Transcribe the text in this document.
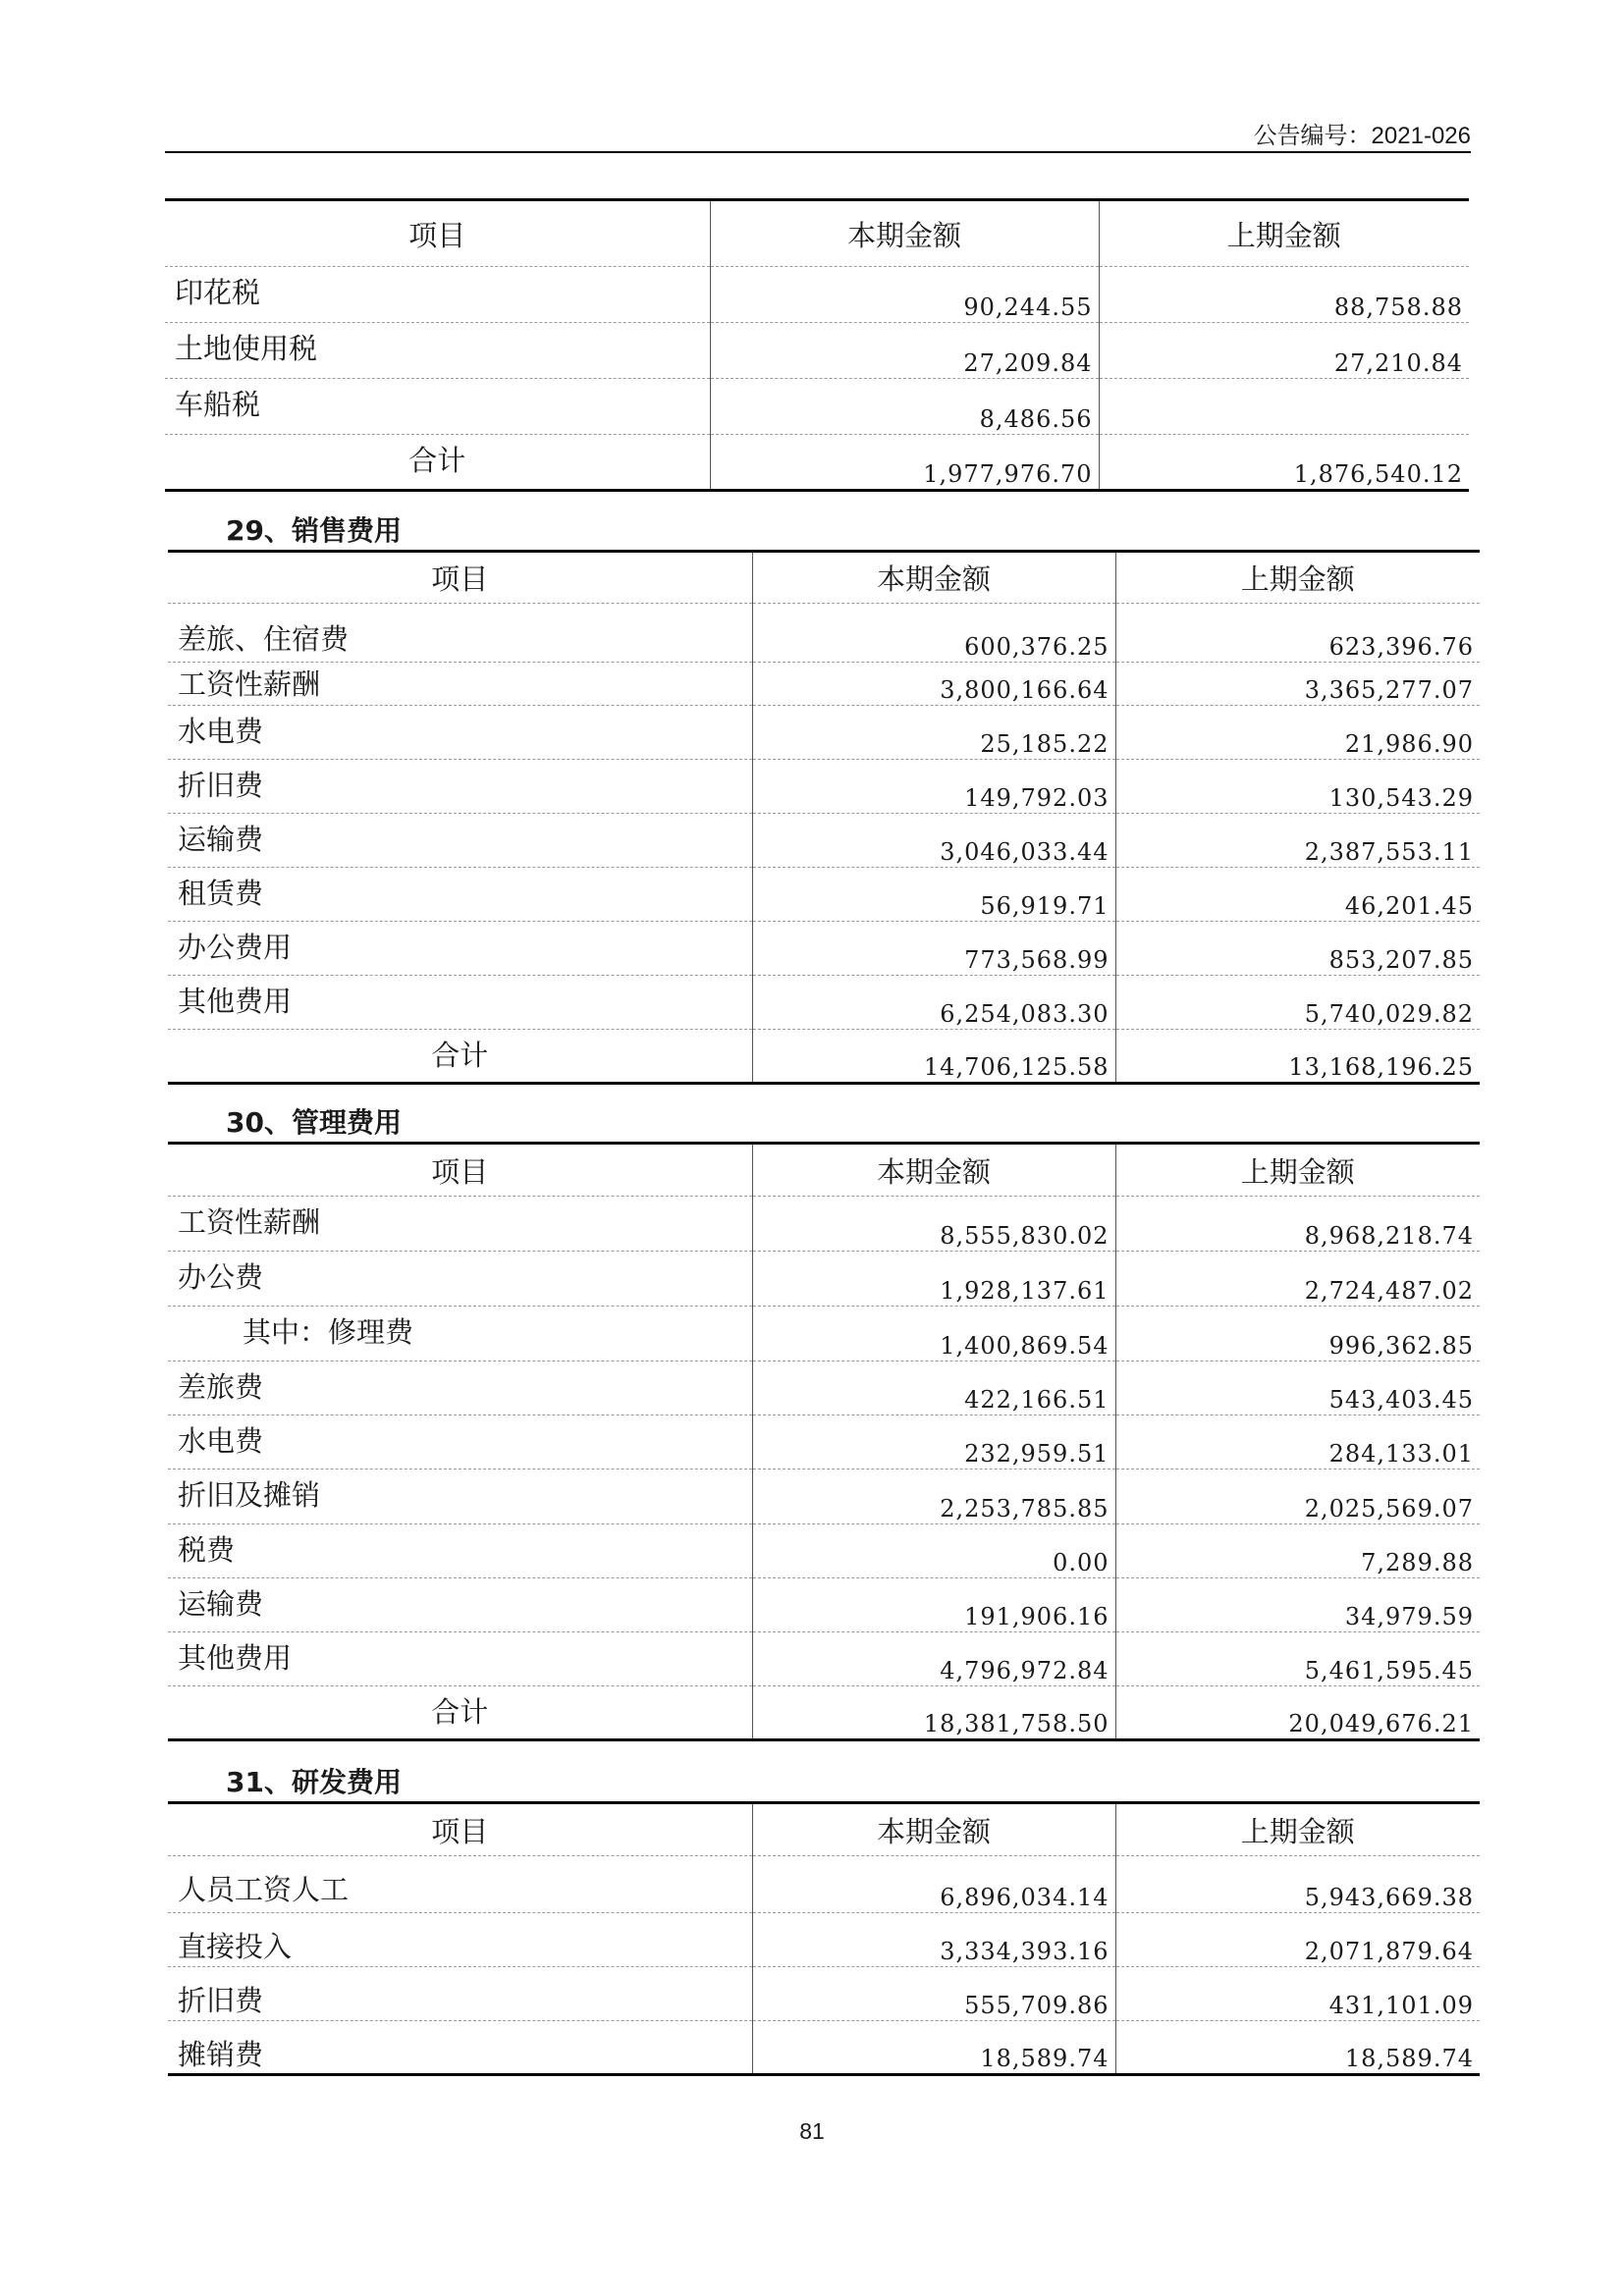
公告编号：2021-026
项目	本期金额	上期金额
印花税	90,244.55	88,758.88
土地使用税	27,209.84	27,210.84
车船税	8,486.56	
合计	1,977,976.70	1,876,540.12
29、销售费用
项目	本期金额	上期金额
差旅、住宿费	600,376.25	623,396.76
工资性薪酬	3,800,166.64	3,365,277.07
水电费	25,185.22	21,986.90
折旧费	149,792.03	130,543.29
运输费	3,046,033.44	2,387,553.11
租赁费	56,919.71	46,201.45
办公费用	773,568.99	853,207.85
其他费用	6,254,083.30	5,740,029.82
合计	14,706,125.58	13,168,196.25
30、管理费用
项目	本期金额	上期金额
工资性薪酬	8,555,830.02	8,968,218.74
办公费	1,928,137.61	2,724,487.02
其中：修理费	1,400,869.54	996,362.85
差旅费	422,166.51	543,403.45
水电费	232,959.51	284,133.01
折旧及摊销	2,253,785.85	2,025,569.07
税费	0.00	7,289.88
运输费	191,906.16	34,979.59
其他费用	4,796,972.84	5,461,595.45
合计	18,381,758.50	20,049,676.21
31、研发费用
项目	本期金额	上期金额
人员工资人工	6,896,034.14	5,943,669.38
直接投入	3,334,393.16	2,071,879.64
折旧费	555,709.86	431,101.09
摊销费	18,589.74	18,589.74
81
